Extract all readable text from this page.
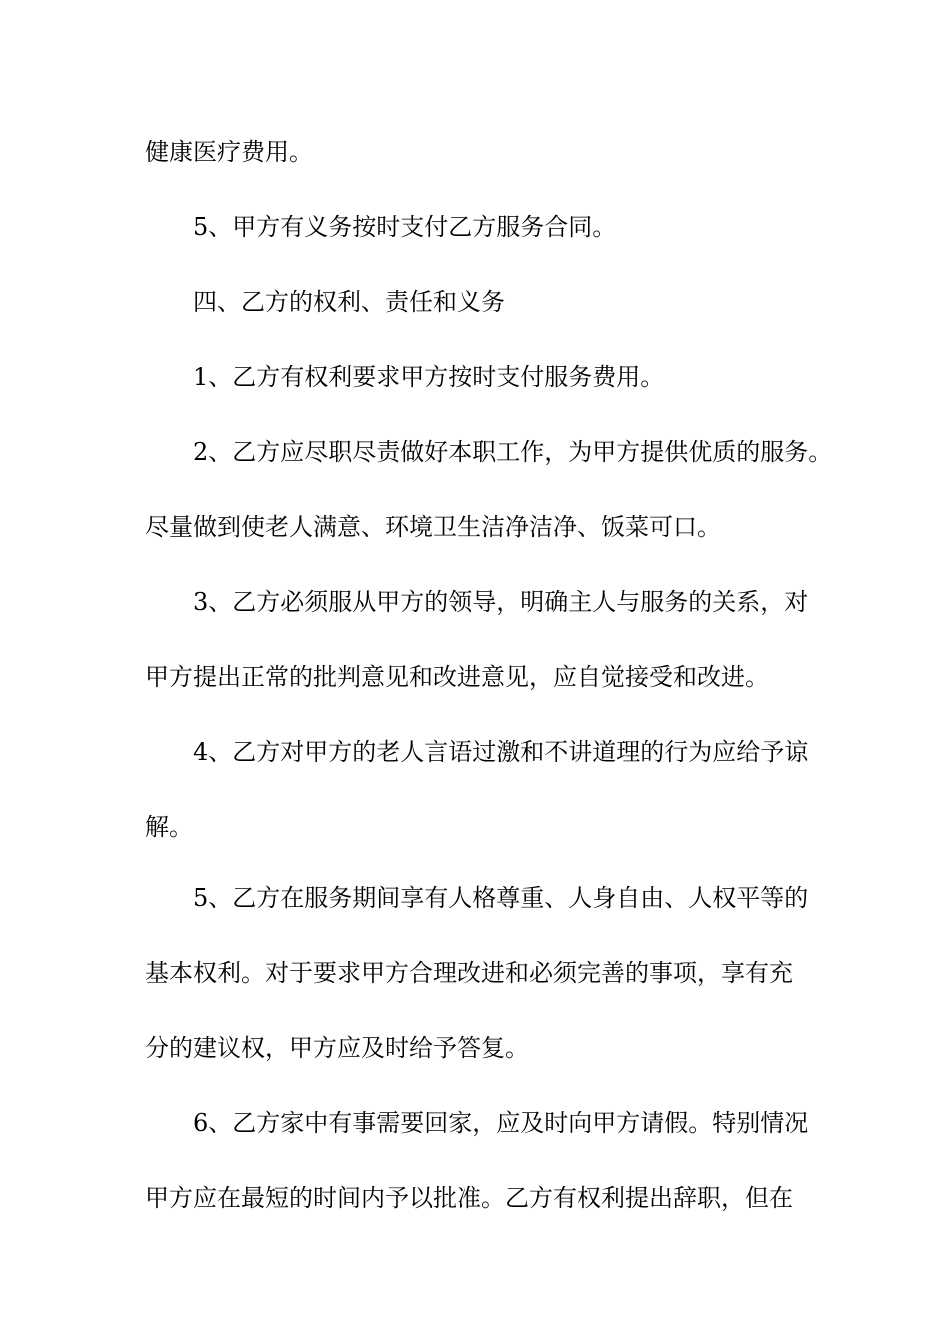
健康医疗费用。
5、甲方有义务按时支付乙方服务合同。
四、乙方的权利、责任和义务
1、乙方有权利要求甲方按时支付服务费用。
2、乙方应尽职尽责做好本职工作，为甲方提供优质的服务。
尽量做到使老人满意、环境卫生洁净洁净、饭菜可口。
3、乙方必须服从甲方的领导，明确主人与服务的关系，对
甲方提出正常的批判意见和改进意见，应自觉接受和改进。
4、乙方对甲方的老人言语过激和不讲道理的行为应给予谅
解。
5、乙方在服务期间享有人格尊重、人身自由、人权平等的
基本权利。对于要求甲方合理改进和必须完善的事项，享有充
分的建议权，甲方应及时给予答复。
6、乙方家中有事需要回家，应及时向甲方请假。特别情况
甲方应在最短的时间内予以批准。乙方有权利提出辞职，但在
